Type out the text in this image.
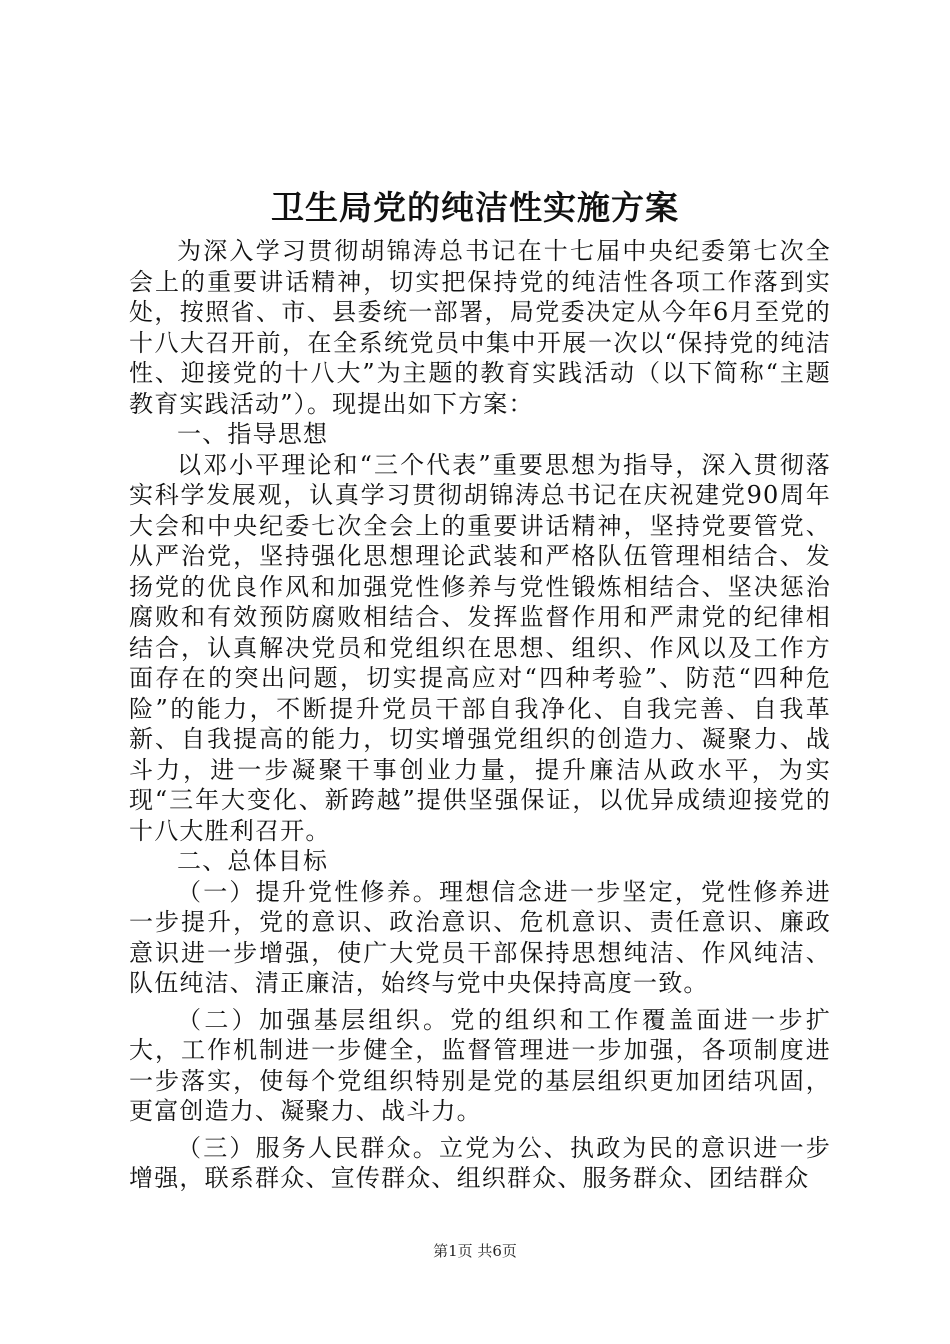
卫生局党的纯洁性实施方案

为深入学习贯彻胡锦涛总书记在十七届中央纪委第七次全会上的重要讲话精神，切实把保持党的纯洁性各项工作落到实处，按照省、市、县委统一部署，局党委决定从今年6月至党的十八大召开前，在全系统党员中集中开展一次以“保持党的纯洁性、迎接党的十八大”为主题的教育实践活动（以下简称“主题教育实践活动”）。现提出如下方案：

一、指导思想

以邓小平理论和“三个代表”重要思想为指导，深入贯彻落实科学发展观，认真学习贯彻胡锦涛总书记在庆祝建党90周年大会和中央纪委七次全会上的重要讲话精神，坚持党要管党、从严治党，坚持强化思想理论武装和严格队伍管理相结合、发扬党的优良作风和加强党性修养与党性锻炼相结合、坚决惩治腐败和有效预防腐败相结合、发挥监督作用和严肃党的纪律相结合，认真解决党员和党组织在思想、组织、作风以及工作方面存在的突出问题，切实提高应对“四种考验”、防范“四种危险”的能力，不断提升党员干部自我净化、自我完善、自我革新、自我提高的能力，切实增强党组织的创造力、凝聚力、战斗力，进一步凝聚干事创业力量，提升廉洁从政水平，为实现“三年大变化、新跨越”提供坚强保证，以优异成绩迎接党的十八大胜利召开。

二、总体目标

（一）提升党性修养。理想信念进一步坚定，党性修养进一步提升，党的意识、政治意识、危机意识、责任意识、廉政意识进一步增强，使广大党员干部保持思想纯洁、作风纯洁、队伍纯洁、清正廉洁，始终与党中央保持高度一致。

（二）加强基层组织。党的组织和工作覆盖面进一步扩大，工作机制进一步健全，监督管理进一步加强，各项制度进一步落实，使每个党组织特别是党的基层组织更加团结巩固，更富创造力、凝聚力、战斗力。

（三）服务人民群众。立党为公、执政为民的意识进一步增强，联系群众、宣传群众、组织群众、服务群众、团结群众

第1页 共6页
